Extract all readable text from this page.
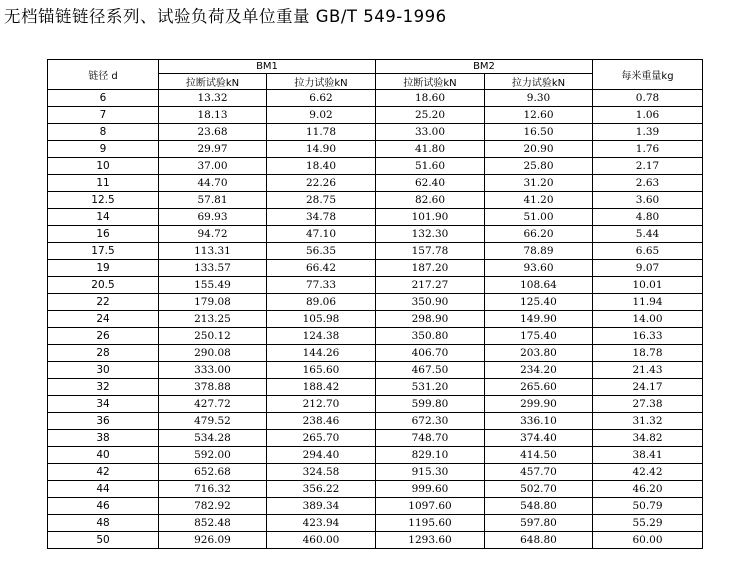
无档锚链链径系列、试验负荷及单位重量 GB/T 549-1996
链径 d	BM1		BM2		每米重量kg
	拉断试验kN	拉力试验kN	拉断试验kN	拉力试验kN	
6	13.32	6.62	18.60	9.30	0.78
7	18.13	9.02	25.20	12.60	1.06
8	23.68	11.78	33.00	16.50	1.39
9	29.97	14.90	41.80	20.90	1.76
10	37.00	18.40	51.60	25.80	2.17
11	44.70	22.26	62.40	31.20	2.63
12.5	57.81	28.75	82.60	41.20	3.60
14	69.93	34.78	101.90	51.00	4.80
16	94.72	47.10	132.30	66.20	5.44
17.5	113.31	56.35	157.78	78.89	6.65
19	133.57	66.42	187.20	93.60	9.07
20.5	155.49	77.33	217.27	108.64	10.01
22	179.08	89.06	350.90	125.40	11.94
24	213.25	105.98	298.90	149.90	14.00
26	250.12	124.38	350.80	175.40	16.33
28	290.08	144.26	406.70	203.80	18.78
30	333.00	165.60	467.50	234.20	21.43
32	378.88	188.42	531.20	265.60	24.17
34	427.72	212.70	599.80	299.90	27.38
36	479.52	238.46	672.30	336.10	31.32
38	534.28	265.70	748.70	374.40	34.82
40	592.00	294.40	829.10	414.50	38.41
42	652.68	324.58	915.30	457.70	42.42
44	716.32	356.22	999.60	502.70	46.20
46	782.92	389.34	1097.60	548.80	50.79
48	852.48	423.94	1195.60	597.80	55.29
50	926.09	460.00	1293.60	648.80	60.00
